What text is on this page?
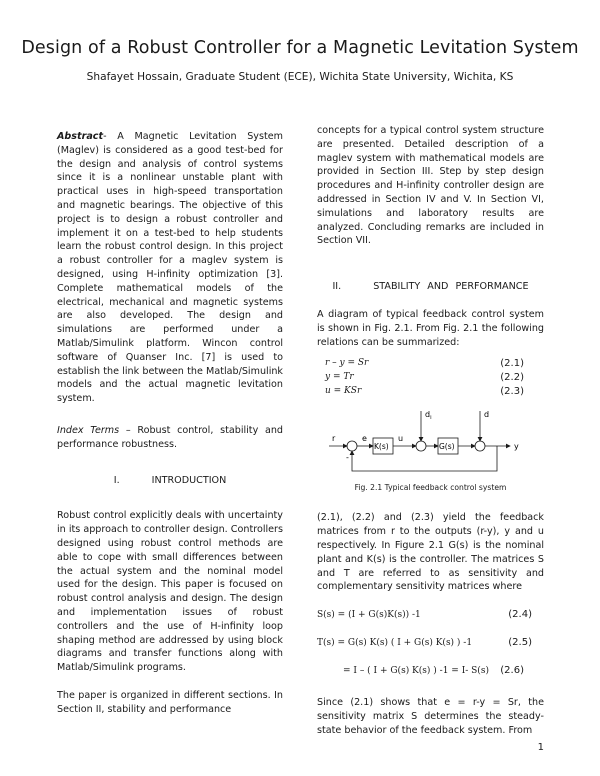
Design of a Robust Controller for a Magnetic Levitation System
Shafayet Hossain, Graduate Student (ECE), Wichita State University, Wichita, KS

Abstract- A Magnetic Levitation System (Maglev) is considered as a good test-bed for the design and analysis of control systems since it is a nonlinear unstable plant with practical uses in high-speed transportation and magnetic bearings. The objective of this project is to design a robust controller and implement it on a test-bed to help students learn the robust control design. In this project a robust controller for a maglev system is designed, using H-infinity optimization [3]. Complete mathematical models of the electrical, mechanical and magnetic systems are also developed. The design and simulations are performed under a Matlab/Simulink platform. Wincon control software of Quanser Inc. [7] is used to establish the link between the Matlab/Simulink models and the actual magnetic levitation system.

Index Terms – Robust control, stability and performance robustness.

I.	INTRODUCTION

Robust control explicitly deals with uncertainty in its approach to controller design. Controllers designed using robust control methods are able to cope with small differences between the actual system and the nominal model used for the design. This paper is focused on robust control analysis and design. The design and implementation issues of robust controllers and the use of H-infinity loop shaping method are addressed by using block diagrams and transfer functions along with Matlab/Simulink programs.

The paper is organized in different sections. In Section II, stability and performance

concepts for a typical control system structure are presented. Detailed description of a maglev system with mathematical models are provided in Section III. Step by step design procedures and H-infinity controller design are addressed in Section IV and V. In Section VI, simulations and laboratory results are analyzed. Concluding remarks are included in Section VII.

II.	STABILITY AND PERFORMANCE

A diagram of typical feedback control system is shown in Fig. 2.1. From Fig. 2.1 the following relations can be summarized:

r – y = Sr	(2.1)
y = Tr	(2.2)
u = KSr	(2.3)
r
-
e
K(s)
u
$d_i$
G(s)
d
y
Fig. 2.1 Typical feedback control system

(2.1), (2.2) and (2.3) yield the feedback matrices from r to the outputs (r-y), y and u respectively. In Figure 2.1 G(s) is the nominal plant and K(s) is the controller. The matrices S and T are referred to as sensitivity and complementary sensitivity matrices where

S(s) = (I + G(s)K(s)) -1	(2.4)
T(s) = G(s) K(s) ( I + G(s) K(s) ) -1	(2.5)
= I – ( I + G(s) K(s) ) -1 = I- S(s) (2.6)

Since (2.1) shows that e = r-y = Sr, the sensitivity matrix S determines the steady-state behavior of the feedback system. From

1
